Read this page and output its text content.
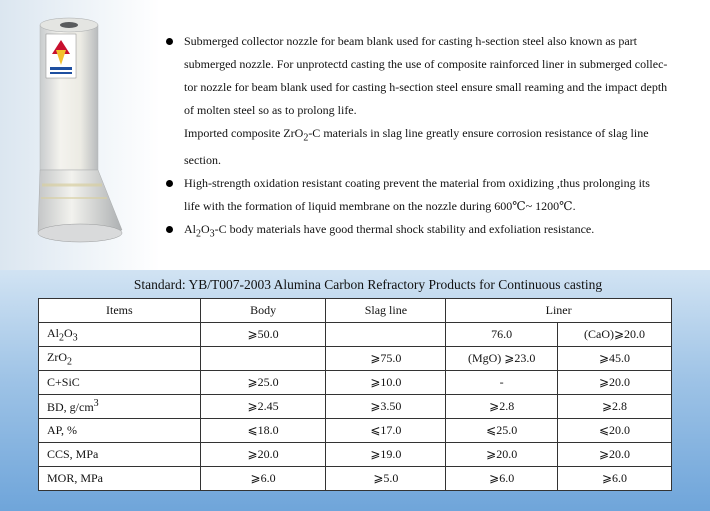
Submerged collector nozzle for beam blank used for casting h-section steel also known as part
submerged nozzle. For unprotectd casting the use of composite rainforced liner in submerged collec-
tor nozzle for beam blank used for casting h-section steel ensure small reaming and the impact depth
of molten steel so as to prolong life.
Imported composite ZrO$_2$-C materials in slag line greatly ensure corrosion resistance of slag line
section.
High-strength oxidation resistant coating prevent the material from oxidizing ,thus prolonging its
life with the formation of liquid membrane on the nozzle during 600℃~ 1200℃.
$Al_2O_3-C$ body materials have good thermal shock stability and exfoliation resistance.
Standard: YB/T007-2003 Alumina Carbon Refractory Products for Continuous casting
Items	Body	Slag line	Liner	
$Al_2O_3$	⩾50.0		76.0	(CaO)⩾20.0
ZrO$_2$		⩾75.0	(MgO) ⩾23.0	⩾45.0
C+SiC	⩾25.0	⩾10.0	-	⩾20.0
BD, $g/cm^3$	⩾2.45	⩾3.50	⩾2.8	⩾2.8
AP, %	⩽18.0	⩽17.0	⩽25.0	⩽20.0
CCS, MPa	⩾20.0	⩾19.0	⩾20.0	⩾20.0
MOR, MPa	⩾6.0	⩾5.0	⩾6.0	⩾6.0
